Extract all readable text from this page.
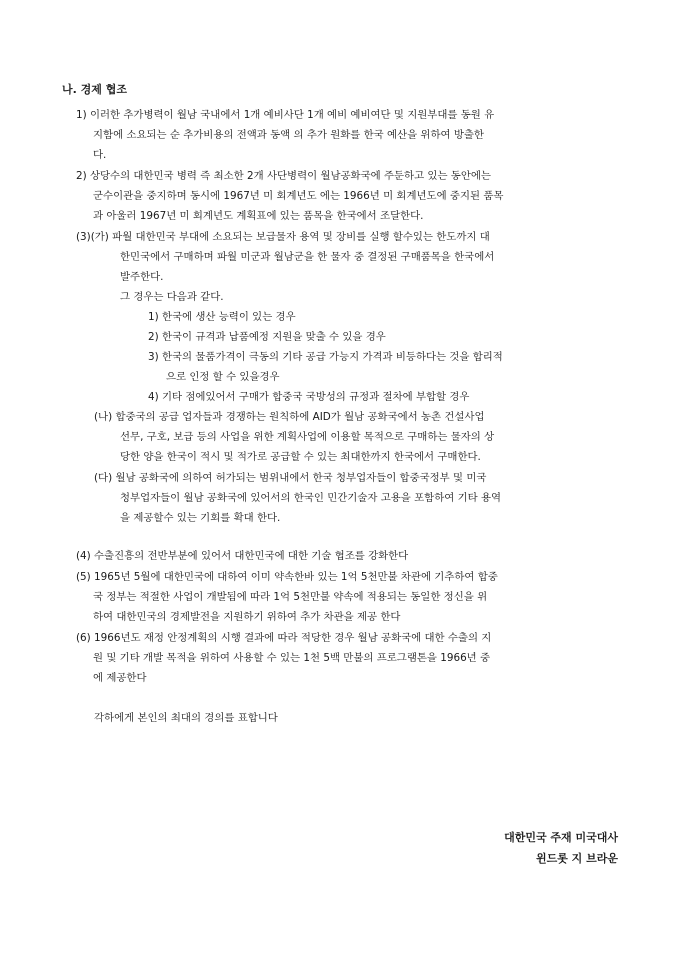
나. 경제 협조
1) 이러한 추가병력이 월남 국내에서 1개 예비사단 1개 예비 예비여단 및 지원부대를 동원 유
지함에 소요되는 순 추가비용의 전액과 동액 의 추가 원화를 한국 예산을 위하여 방출한
다.
2) 상당수의 대한민국 병력 즉 최소한 2개 사단병력이 월남공화국에 주둔하고 있는 동안에는
군수이관을 중지하며 동시에 1967년 미 회계년도 에는 1966년 미 회계년도에 중지된 품목
과 아울러 1967년 미 회계년도 계획표에 있는 품목을 한국에서 조달한다.
(3)(가) 파월 대한민국 부대에 소요되는 보급물자 용역 및 장비를 실행 할수있는 한도까지 대
한민국에서 구매하며 파월 미군과 월남군을 한 물자 중 결정된 구매품목을 한국에서
발주한다.
그 경우는 다음과 같다.
1) 한국에 생산 능력이 있는 경우
2) 한국이 규격과 납품예정 지원을 맞출 수 있을 경우
3) 한국의 물품가격이 극동의 기타 공급 가능지 가격과 비등하다는 것을 합리적
으로 인정 할 수 있을경우
4) 기타 점에있어서 구매가 합중국 국방성의 규정과 절차에 부합할 경우
(나) 합중국의 공급 업자들과 경쟁하는 원칙하에 AID가 월남 공화국에서 농촌 건설사업
선무, 구호, 보급 등의 사업을 위한 계획사업에 이용할 목적으로 구매하는 물자의 상
당한 양을 한국이 적시 및 적가로 공급할 수 있는 최대한까지 한국에서 구매한다.
(다) 월남 공화국에 의하여 허가되는 범위내에서 한국 청부업자들이 합중국정부 및 미국
청부업자들이 월남 공화국에 있어서의 한국인 민간기술자 고용을 포함하여 기타 용역
을 제공할수 있는 기회를 확대 한다.
(4) 수출진흥의 전반부분에 있어서 대한민국에 대한 기술 협조를 강화한다
(5) 1965년 5월에 대한민국에 대하여 이미 약속한바 있는 1억 5천만불 차관에 기추하여 합중
국 정부는 적절한 사업이 개발됨에 따라 1억 5천만불 약속에 적용되는 동일한 정신을 위
하여 대한민국의 경제발전을 지원하기 위하여 추가 차관을 제공 한다
(6) 1966년도 재정 안정계획의 시행 결과에 따라 적당한 경우 월남 공화국에 대한 수출의 지
원 및 기타 개발 목적을 위하여 사용할 수 있는 1천 5백 만불의 프로그램톤을 1966년 중
에 제공한다
각하에게 본인의 최대의 경의를 표합니다
대한민국 주재 미국대사
윈드롯 지 브라운
